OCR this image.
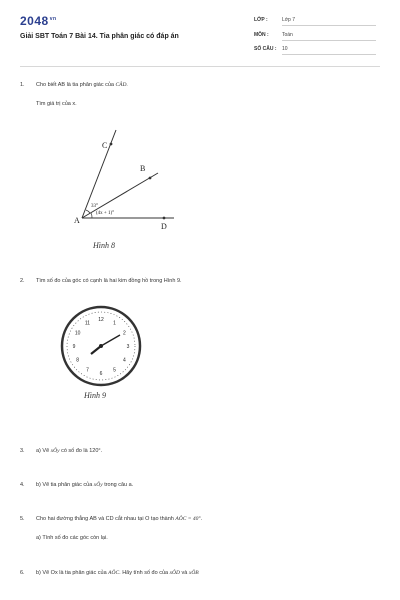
$2048^{vn}$
Giải SBT Toán 7 Bài 14. Tia phân giác có đáp án
LỚP :	Lớp 7
MÔN :	Toán
SỐ CÂU : 10
1. Cho biết AB là tia phân giác của CÂD.
Tìm giá trị của x.
A
B
C
D
33°
(4x + 1)°
Hình 8
2. Tìm số đo của góc có cạnh là hai kim đồng hồ trong Hình 9.
12
1
2
3
4
5
6
7
8
9
10
11
Hình 9
3. a) Vẽ xÔy có số đo là 120°.
4. b) Vẽ tia phân giác của xÔy trong câu a.
5. Cho hai đường thẳng AB và CD cắt nhau tại O tạo thành AÔC = 40°.
a) Tính số đo các góc còn lại.
6. b) Vẽ Ox là tia phân giác của AÔC. Hãy tính số đo của xÔD và xÔB
